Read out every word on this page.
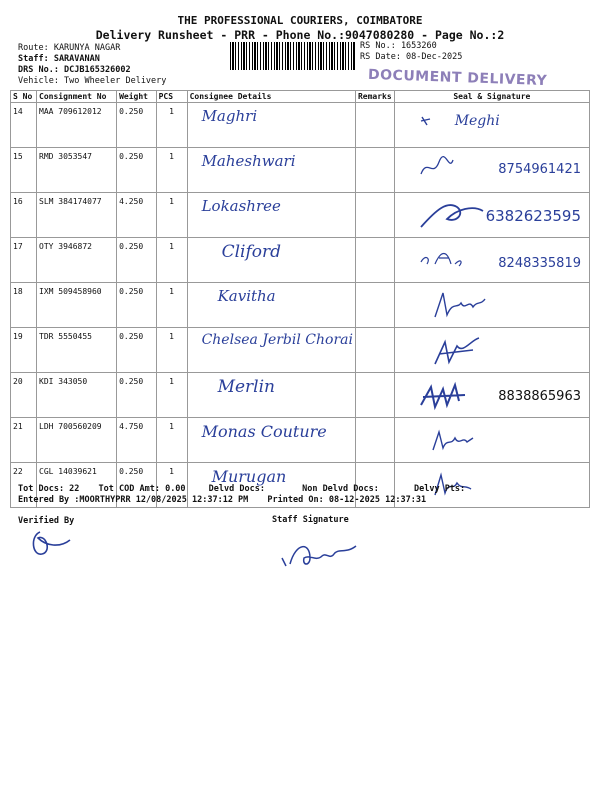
THE PROFESSIONAL COURIERS, COIMBATORE
Delivery Runsheet - PRR - Phone No.:9047080280 - Page No.:2
Route: KARUNYA NAGAR
Staff: SARAVANAN
DRS No.: DCJB165326002
Vehicle: Two Wheeler Delivery
RS No.: 1653260
RS Date: 08-Dec-2025
DOCUMENT DELIVERY
S No	Consignment No	Weight	PCS	Consignee Details	Remarks	Seal & Signature
14	MAA 709612012	0.250	1	Maghri		Meghi

15	RMD 3053547	0.250	1	Maheshwari		8754961421

16	SLM 384174077	4.250	1	Lokashree		6382623595

17	OTY 3946872	0.250	1	Cliford		8248335819

18	IXM 509458960	0.250	1	Kavitha		

19	TDR 5550455	0.250	1	Chelsea Jerbil Chorai		

20	KDI 343050	0.250	1	Merlin		8838865963

21	LDH 700560209	4.750	1	Monas Couture		

22	CGL 14039621	0.250	1	Murugan		
Tot Docs: 22 Tot COD Amt: 0.00	Delvd Docs:	Non Delvd Docs:	Delvy Pts:
Entered By :MOORTHYPRR 12/08/2025 12:37:12 PM Printed On: 08-12-2025 12:37:31
Verified By	Staff Signature
